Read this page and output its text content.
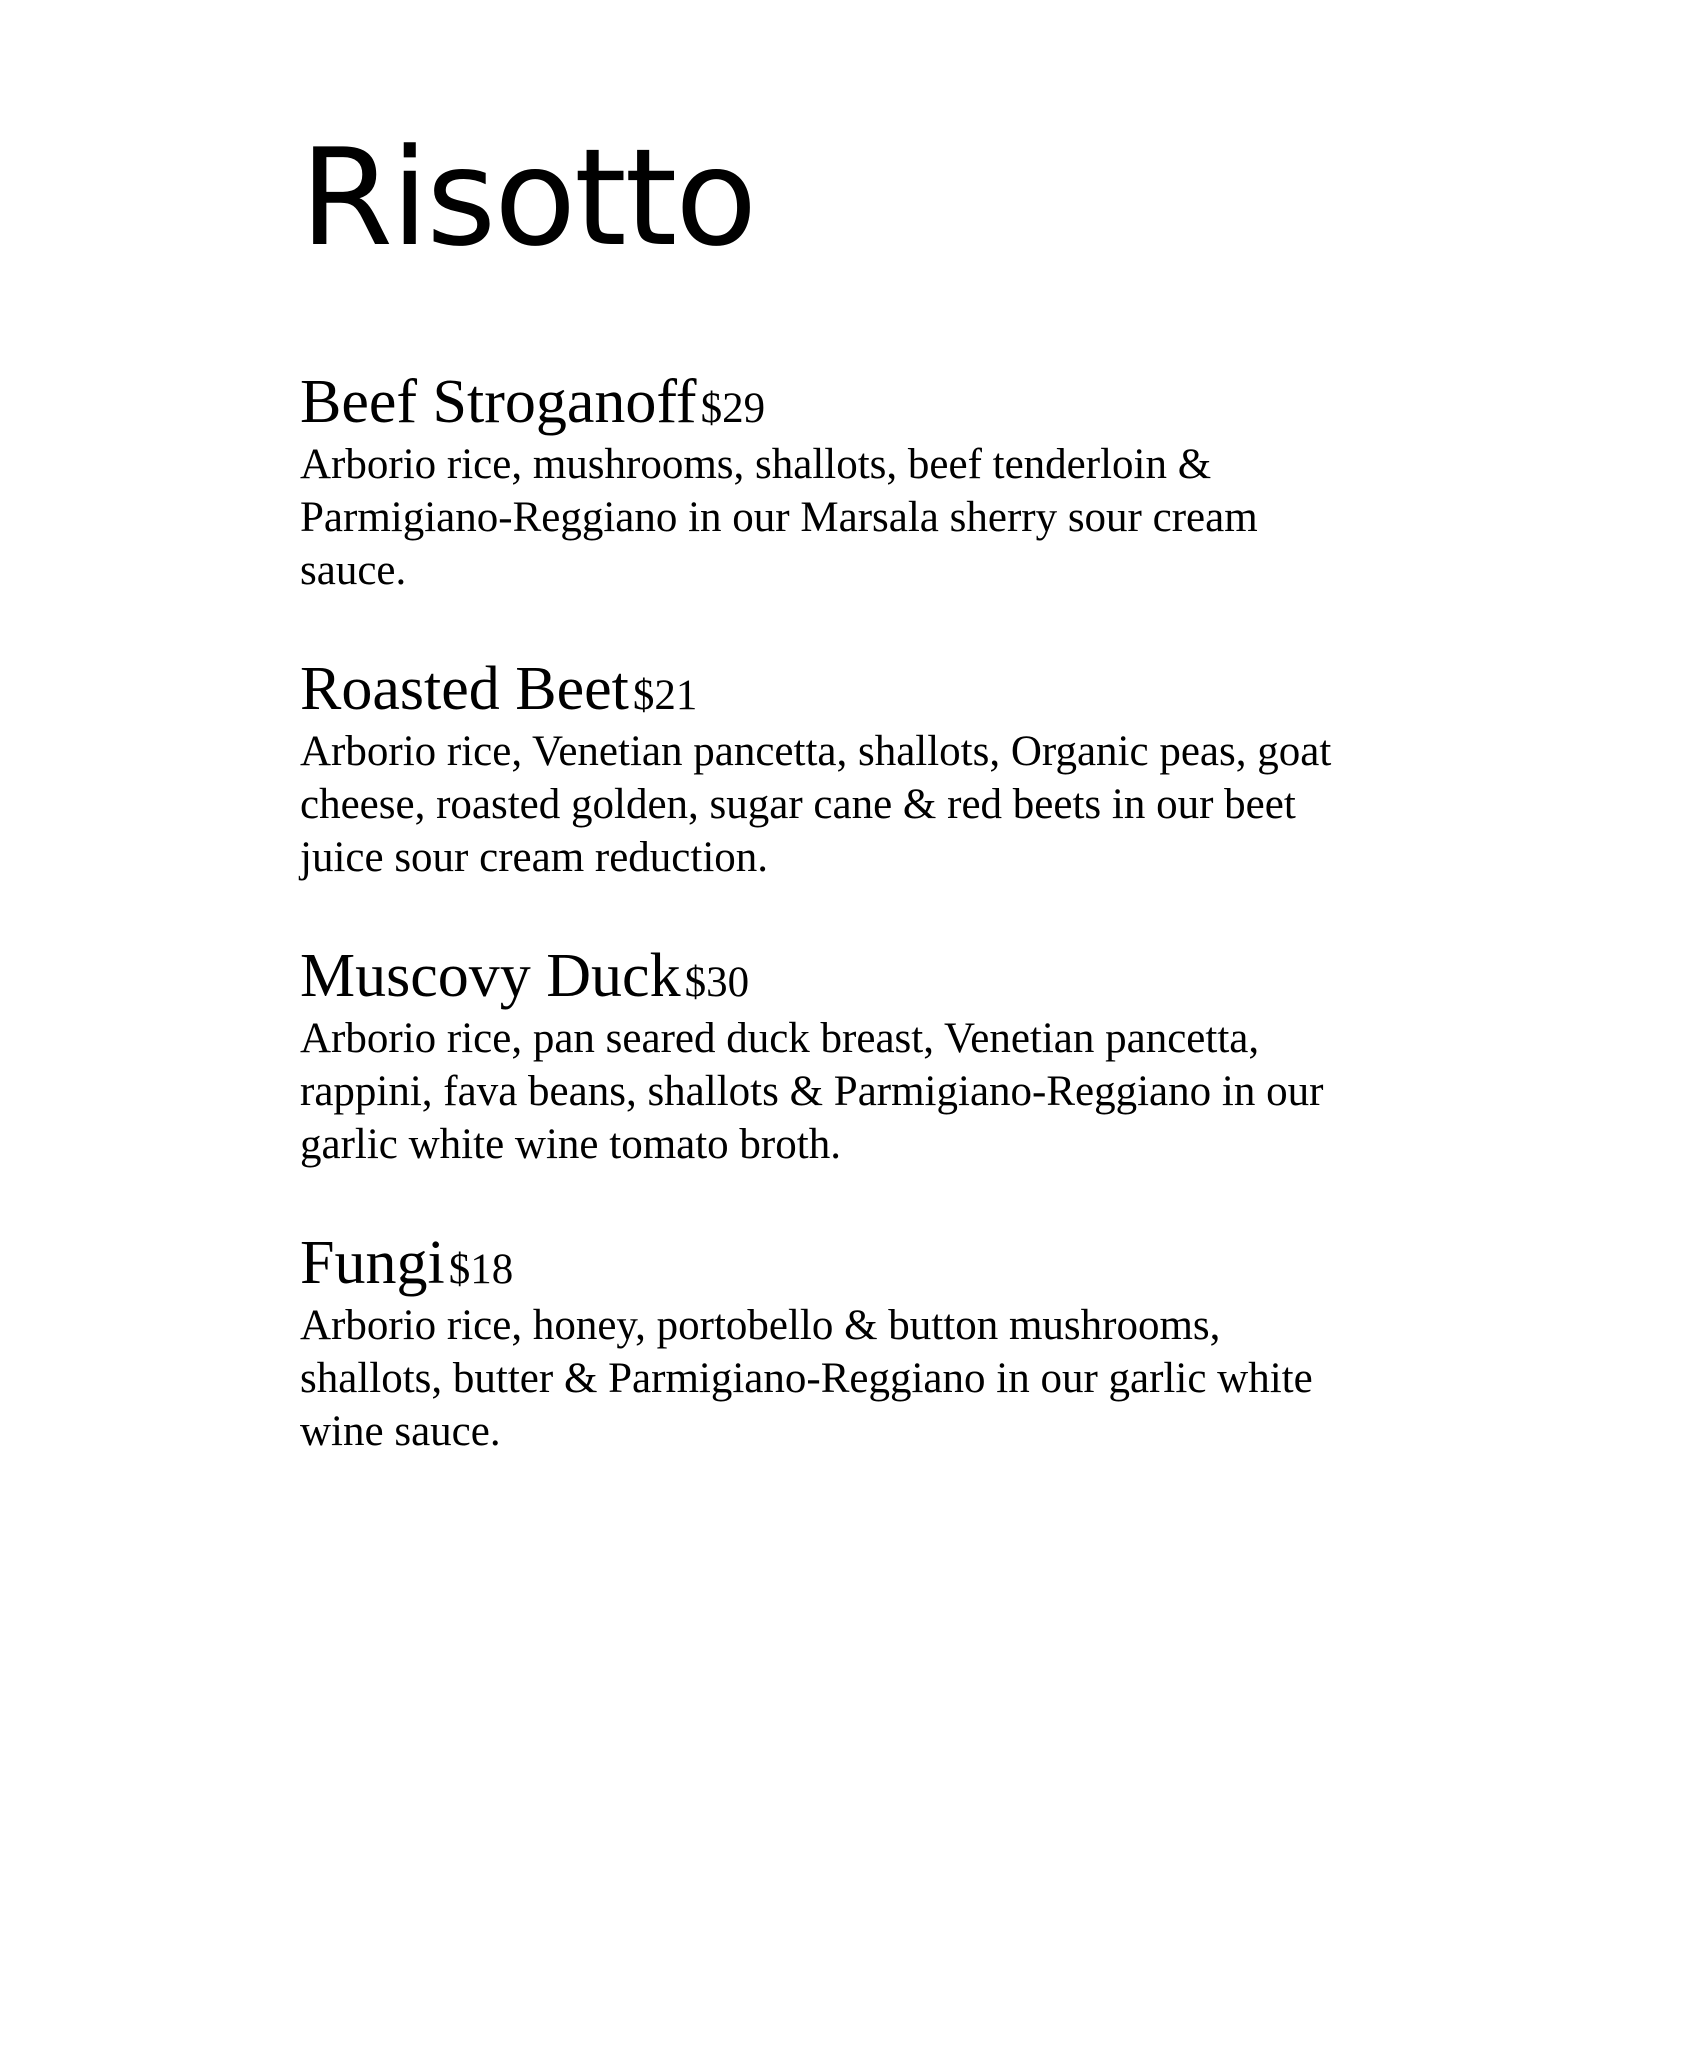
Risotto
Beef Stroganoff $29
Arborio rice, mushrooms, shallots, beef tenderloin &
Parmigiano-Reggiano in our Marsala sherry sour cream
sauce.
Roasted Beet $21
Arborio rice, Venetian pancetta, shallots, Organic peas, goat
cheese, roasted golden, sugar cane & red beets in our beet
juice sour cream reduction.
Muscovy Duck $30
Arborio rice, pan seared duck breast, Venetian pancetta,
rappini, fava beans, shallots & Parmigiano-Reggiano in our
garlic white wine tomato broth.
Fungi $18
Arborio rice, honey, portobello & button mushrooms,
shallots, butter & Parmigiano-Reggiano in our garlic white
wine sauce.
